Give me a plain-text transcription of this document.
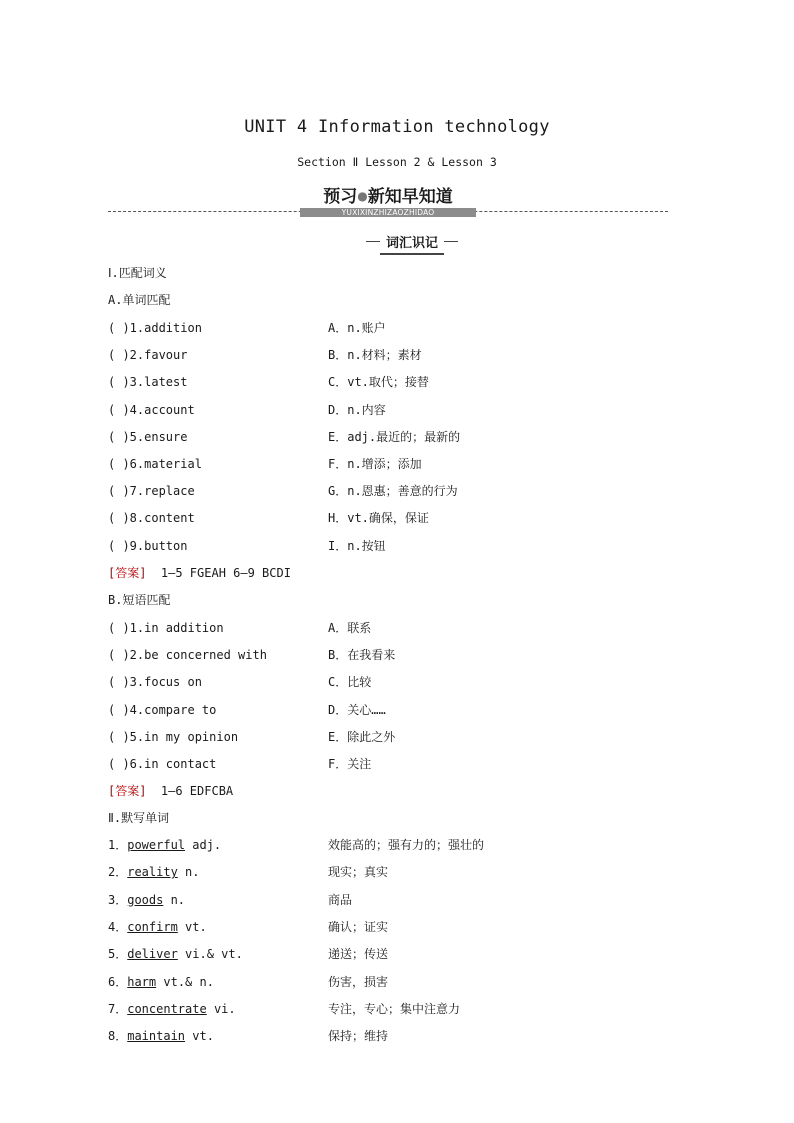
UNIT 4 Information technology
Section Ⅱ Lesson 2 & Lesson 3
预习●新知早知道
YUXIXINZHIZAOZHIDAO
词汇识记
Ⅰ.匹配词义
A.单词匹配
( )1.addition	A．n.账户
( )2.favour	B．n.材料；素材
( )3.latest	C．vt.取代；接替
( )4.account	D．n.内容
( )5.ensure	E．adj.最近的；最新的
( )6.material	F．n.增添；添加
( )7.replace	G．n.恩惠；善意的行为
( )8.content	H．vt.确保，保证
( )9.button	I．n.按钮
[答案] 1—5 FGEAH 6—9 BCDI
B.短语匹配
( )1.in addition	A．联系
( )2.be concerned with	B．在我看来
( )3.focus on	C．比较
( )4.compare to	D．关心……
( )5.in my opinion	E．除此之外
( )6.in contact	F．关注
[答案] 1—6 EDFCBA
Ⅱ.默写单词
1．powerful adj.	效能高的；强有力的；强壮的
2．reality n.	现实；真实
3．goods n.	商品
4．confirm vt.	确认；证实
5．deliver vi.& vt.	递送；传送
6．harm vt.& n.	伤害，损害
7．concentrate vi.	专注，专心；集中注意力
8．maintain vt.	保持；维持
